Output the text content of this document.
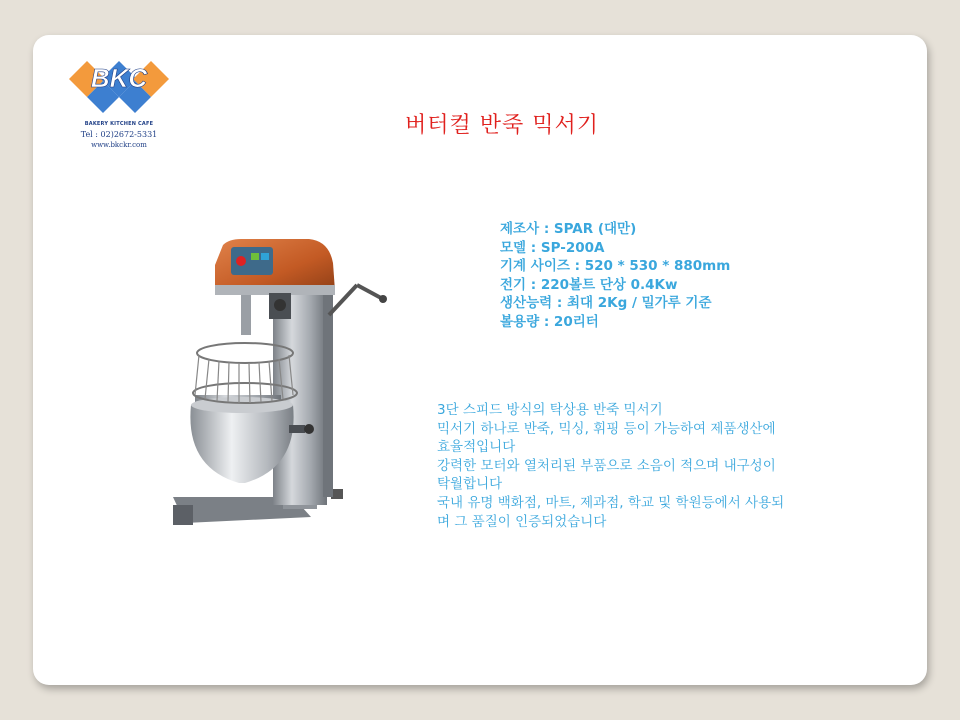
BKC
BAKERY KITCHEN CAFE
Tel : 02)2672-5331
www.bkckr.com
버터컬 반죽 믹서기
제조사 : SPAR (대만)
모델 : SP-200A
기계 사이즈 : 520 * 530 * 880mm
전기 : 220볼트 단상 0.4Kw
생산능력 : 최대 2Kg / 밀가루 기준
볼용량 : 20리터

3단 스피드 방식의 탁상용 반죽 믹서기

믹서기 하나로 반죽, 믹싱, 휘핑 등이 가능하여 제품생산에

효율적입니다

강력한 모터와 열처리된 부품으로 소음이 적으며 내구성이

탁월합니다

국내 유명 백화점, 마트, 제과점, 학교 및 학원등에서 사용되

며 그 품질이 인증되었습니다
